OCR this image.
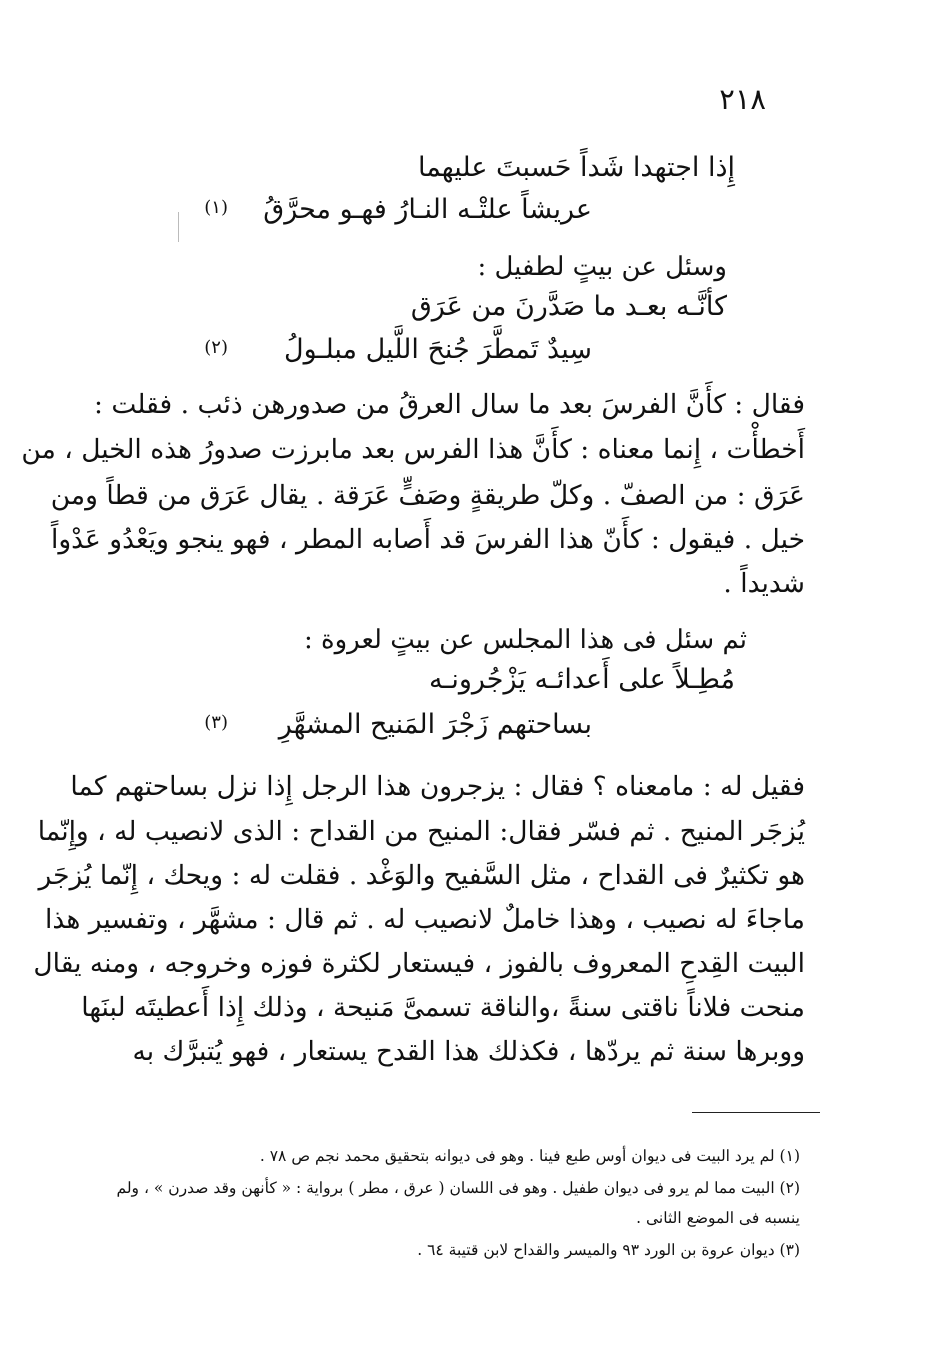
٢١٨
إِذا اجتهدا شَداً حَسبتَ عليهما
عريشاً علتْـه النـارُ فهـو محرَّقُ
(١)
وسئل عن بيتٍ لطفيل :
كأنَّـه بعـد ما صَدَّرنَ من عَرَق
سِيدٌ تَمطَّرَ جُنحَ اللَّيل مبلـولُ
(٢)
فقال : كأَنَّ الفرسَ بعد ما سال العرقُ من صدورهن ذئب . فقلت :
أَخطأْت ، إِنما معناه : كأَنَّ هذا الفرس بعد مابرزت صدورُ هذه الخيل ، من
عَرَق : من الصفّ . وكلّ طريقةٍ وصَفٍّ عَرَقة . يقال عَرَق من قطاً ومن
خيل . فيقول : كأَنّ هذا الفرسَ قد أَصابه المطر ، فهو ينجو ويَعْدُو عَدْواً
شديداً .
ثم سئل فى هذا المجلس عن بيتٍ لعروة :
مُطِـلاً على أَعدائـه يَزْجُرونـه
بساحتهم زَجْرَ المَنيح المشهَّرِ
(٣)
فقيل له : مامعناه ؟ فقال : يزجرون هذا الرجل إِذا نزل بساحتهم كما
يُزجَر المنيح . ثم فسّر فقال: المنيح من القداح : الذى لانصيب له ، وإِنّما
هو تكثيرٌ فى القداح ، مثل السَّفيح والوَغْد . فقلت له : ويحك ، إِنّما يُزجَر
ماجاءَ له نصيب ، وهذا خاملٌ لانصيب له . ثم قال : مشهَّر ، وتفسير هذا
البيت القِدحِ المعروف بالفوز ، فيستعار لكثرة فوزه وخروجه ، ومنه يقال
منحت فلاناً ناقتى سنةً ،والناقة تسمىَّ مَنيحة ، وذلك إِذا أَعطيتَه لبنَها
ووبرها سنة ثم يردّها ، فكذلك هذا القدح يستعار ، فهو يُتبرَّك به
(١) لم يرد البيت فى ديوان أوس طبع فينا . وهو فى ديوانه بتحقيق محمد نجم ص ٧٨ .
(٢) البيت مما لم يرو فى ديوان طفيل . وهو فى اللسان ( عرق ، مطر ) برواية : « كأنهن وقد صدرن » ، ولم
ينسبه فى الموضع الثانى .
(٣) ديوان عروة بن الورد ٩٣ والميسر والقداح لابن قتيبة ٦٤ .
